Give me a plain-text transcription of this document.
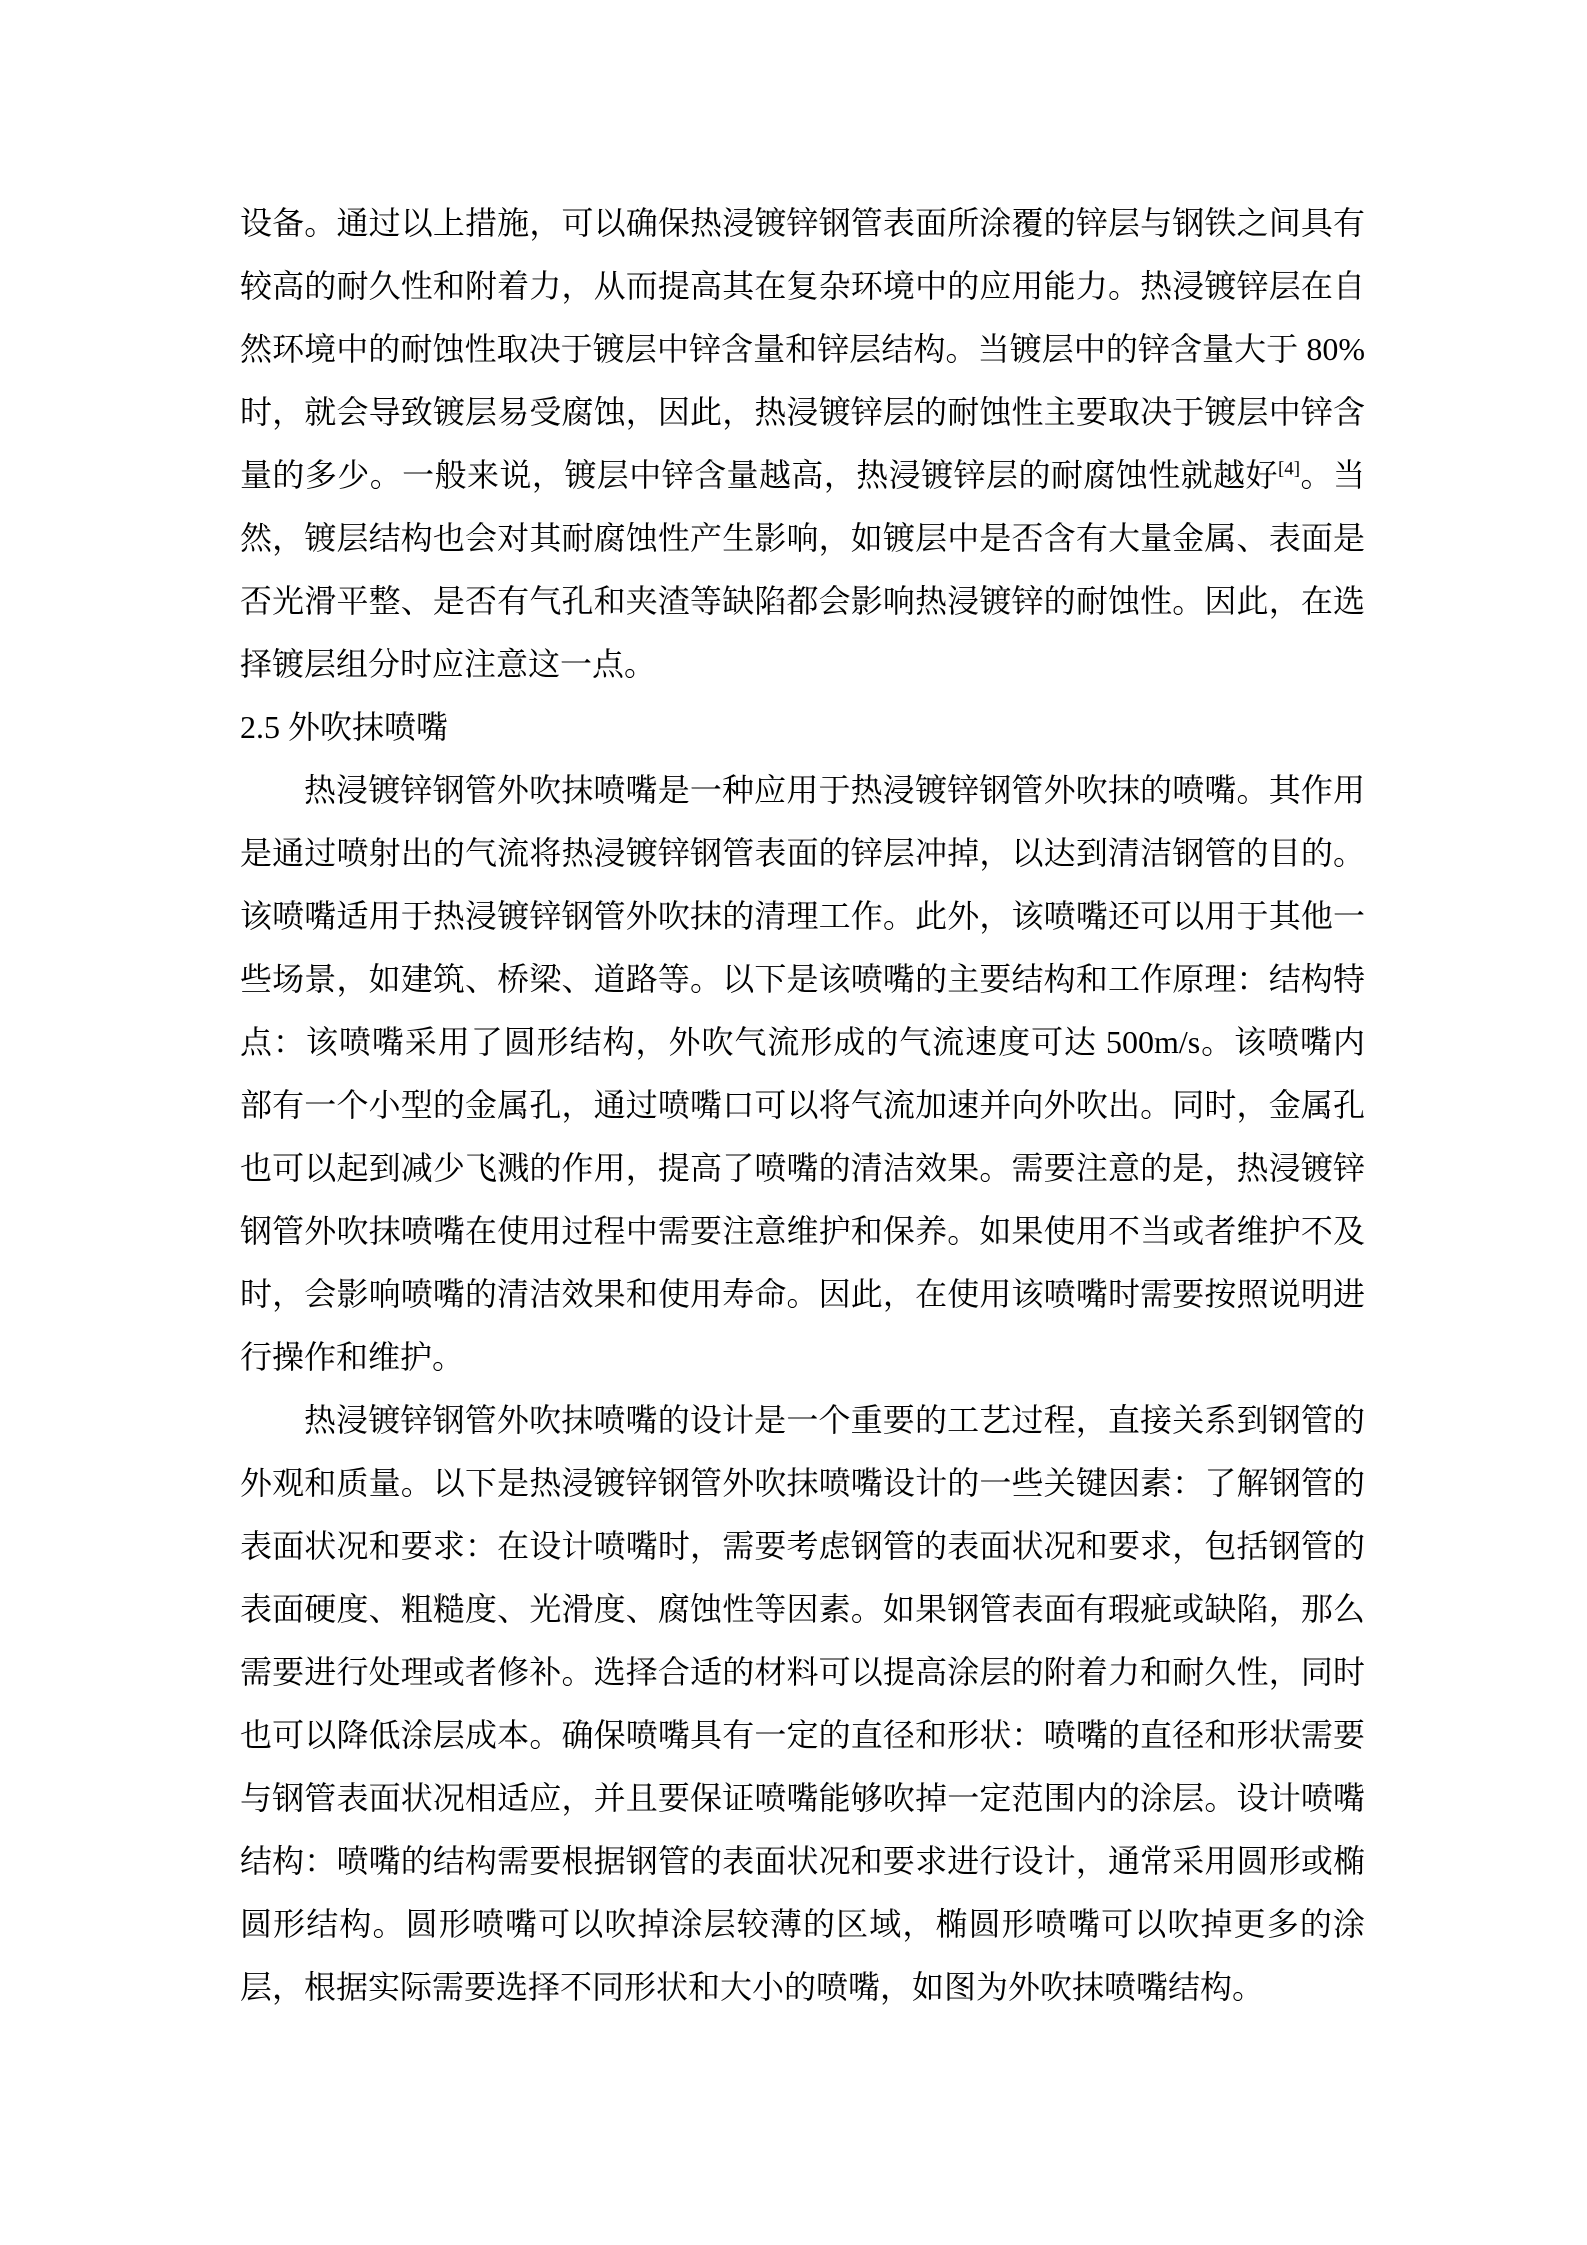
设备。通过以上措施，可以确保热浸镀锌钢管表面所涂覆的锌层与钢铁之间具有较高的耐久性和附着力，从而提高其在复杂环境中的应用能力。热浸镀锌层在自然环境中的耐蚀性取决于镀层中锌含量和锌层结构。当镀层中的锌含量大于 80%时，就会导致镀层易受腐蚀，因此，热浸镀锌层的耐蚀性主要取决于镀层中锌含量的多少。一般来说，镀层中锌含量越高，热浸镀锌层的耐腐蚀性就越好[4]。当然，镀层结构也会对其耐腐蚀性产生影响，如镀层中是否含有大量金属、表面是否光滑平整、是否有气孔和夹渣等缺陷都会影响热浸镀锌的耐蚀性。因此，在选择镀层组分时应注意这一点。

2.5 外吹抹喷嘴

热浸镀锌钢管外吹抹喷嘴是一种应用于热浸镀锌钢管外吹抹的喷嘴。其作用是通过喷射出的气流将热浸镀锌钢管表面的锌层冲掉，以达到清洁钢管的目的。该喷嘴适用于热浸镀锌钢管外吹抹的清理工作。此外，该喷嘴还可以用于其他一些场景，如建筑、桥梁、道路等。以下是该喷嘴的主要结构和工作原理：结构特点：该喷嘴采用了圆形结构，外吹气流形成的气流速度可达 500m/s。该喷嘴内部有一个小型的金属孔，通过喷嘴口可以将气流加速并向外吹出。同时，金属孔也可以起到减少飞溅的作用，提高了喷嘴的清洁效果。需要注意的是，热浸镀锌钢管外吹抹喷嘴在使用过程中需要注意维护和保养。如果使用不当或者维护不及时，会影响喷嘴的清洁效果和使用寿命。因此，在使用该喷嘴时需要按照说明进行操作和维护。

热浸镀锌钢管外吹抹喷嘴的设计是一个重要的工艺过程，直接关系到钢管的外观和质量。以下是热浸镀锌钢管外吹抹喷嘴设计的一些关键因素：了解钢管的表面状况和要求：在设计喷嘴时，需要考虑钢管的表面状况和要求，包括钢管的表面硬度、粗糙度、光滑度、腐蚀性等因素。如果钢管表面有瑕疵或缺陷，那么需要进行处理或者修补。选择合适的材料可以提高涂层的附着力和耐久性，同时也可以降低涂层成本。确保喷嘴具有一定的直径和形状：喷嘴的直径和形状需要与钢管表面状况相适应，并且要保证喷嘴能够吹掉一定范围内的涂层。设计喷嘴结构：喷嘴的结构需要根据钢管的表面状况和要求进行设计，通常采用圆形或椭圆形结构。圆形喷嘴可以吹掉涂层较薄的区域，椭圆形喷嘴可以吹掉更多的涂层，根据实际需要选择不同形状和大小的喷嘴，如图为外吹抹喷嘴结构。
